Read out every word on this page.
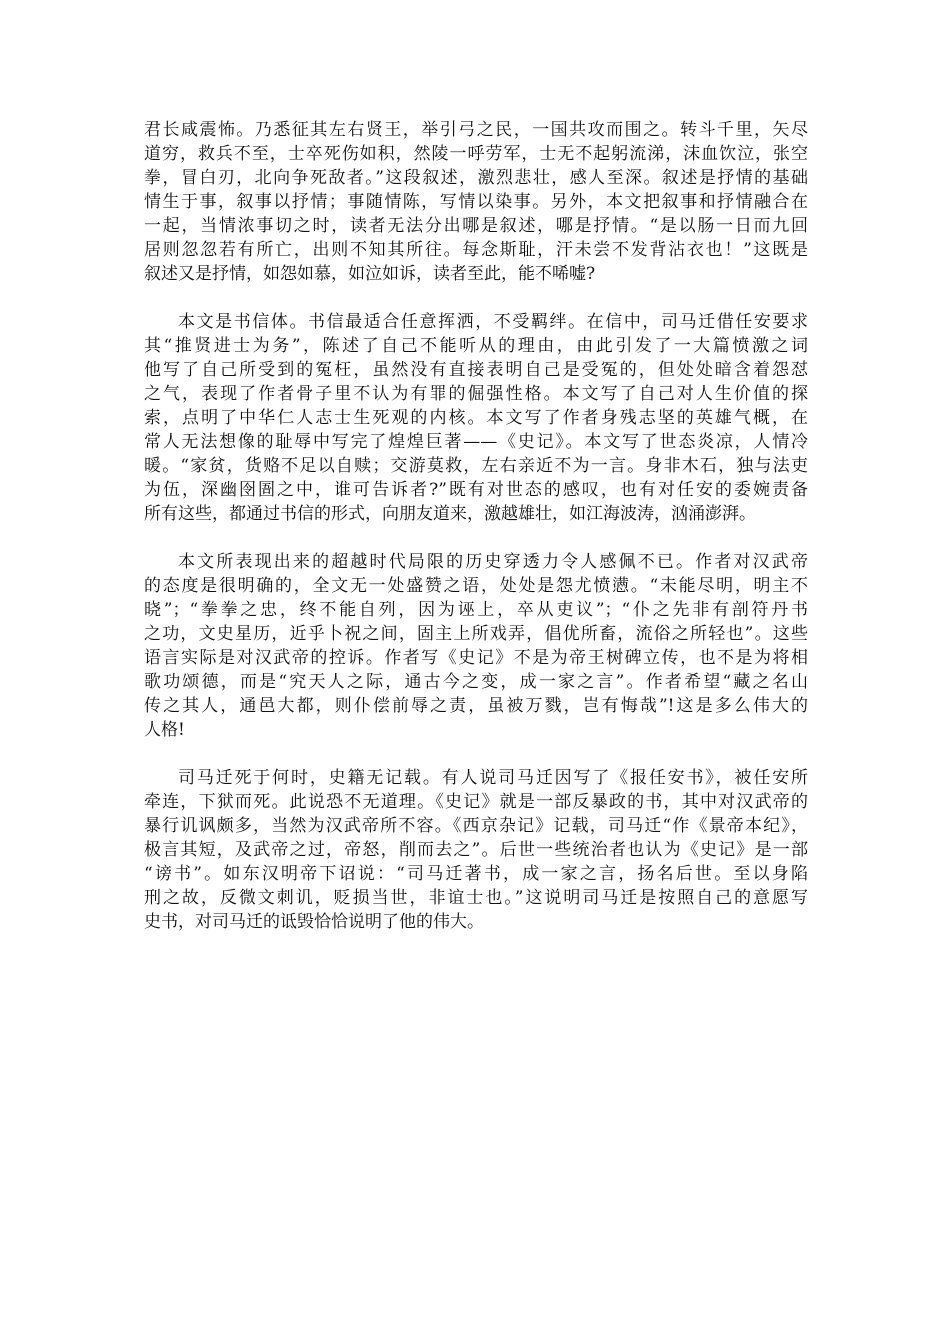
君长咸震怖。乃悉征其左右贤王，举引弓之民，一国共攻而围之。转斗千里，矢尽
道穷，救兵不至，士卒死伤如积，然陵一呼劳军，士无不起躬流涕，沫血饮泣，张空
拳，冒白刃，北向争死敌者。”这段叙述，激烈悲壮，感人至深。叙述是抒情的基础
情生于事，叙事以抒情；事随情陈，写情以染事。另外，本文把叙事和抒情融合在
一起，当情浓事切之时，读者无法分出哪是叙述，哪是抒情。“是以肠一日而九回
居则忽忽若有所亡，出则不知其所往。每念斯耻，汗未尝不发背沾衣也！”这既是
叙述又是抒情，如怨如慕，如泣如诉，读者至此，能不唏嘘?
本文是书信体。书信最适合任意挥洒，不受羁绊。在信中，司马迁借任安要求
其“推贤进士为务”，陈述了自己不能听从的理由，由此引发了一大篇愤激之词
他写了自己所受到的冤枉，虽然没有直接表明自己是受冤的，但处处暗含着怨怼
之气，表现了作者骨子里不认为有罪的倔强性格。本文写了自己对人生价值的探
索，点明了中华仁人志士生死观的内核。本文写了作者身残志坚的英雄气概，在
常人无法想像的耻辱中写完了煌煌巨著——《史记》。本文写了世态炎凉，人情冷
暖。“家贫，货赂不足以自赎；交游莫救，左右亲近不为一言。身非木石，独与法吏
为伍，深幽囹圄之中，谁可告诉者?”既有对世态的感叹，也有对任安的委婉责备
所有这些，都通过书信的形式，向朋友道来，激越雄壮，如江海波涛，汹涌澎湃。
本文所表现出来的超越时代局限的历史穿透力令人感佩不已。作者对汉武帝
的态度是很明确的，全文无一处盛赞之语，处处是怨尤愤懑。“未能尽明，明主不
晓”；“拳拳之忠，终不能自列，因为诬上，卒从吏议”；“仆之先非有剖符丹书
之功，文史星历，近乎卜祝之间，固主上所戏弄，倡优所畜，流俗之所轻也”。这些
语言实际是对汉武帝的控诉。作者写《史记》不是为帝王树碑立传，也不是为将相
歌功颂德，而是“究天人之际，通古今之变，成一家之言”。作者希望“藏之名山
传之其人，通邑大都，则仆偿前辱之责，虽被万戮，岂有悔哉”!这是多么伟大的
人格!
司马迁死于何时，史籍无记载。有人说司马迁因写了《报任安书》，被任安所
牵连，下狱而死。此说恐不无道理。《史记》就是一部反暴政的书，其中对汉武帝的
暴行讥讽颇多，当然为汉武帝所不容。《西京杂记》记载，司马迁“作《景帝本纪》，
极言其短，及武帝之过，帝怒，削而去之”。后世一些统治者也认为《史记》是一部
“谤书”。如东汉明帝下诏说：“司马迁著书，成一家之言，扬名后世。至以身陷
刑之故，反微文刺讥，贬损当世，非谊士也。”这说明司马迁是按照自己的意愿写
史书，对司马迁的诋毁恰恰说明了他的伟大。
